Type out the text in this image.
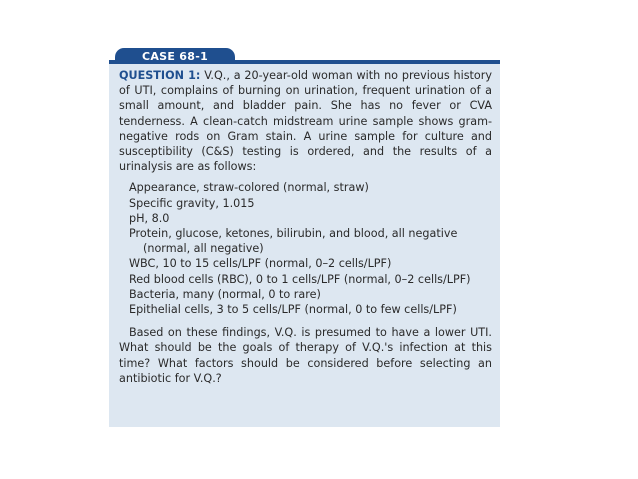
CASE 68-1

QUESTION 1: V.Q., a 20-year-old woman with no previous history of UTI, complains of burning on urination, frequent urination of a small amount, and bladder pain. She has no fever or CVA tenderness. A clean-catch midstream urine sample shows gram-negative rods on Gram stain. A urine sample for culture and susceptibility (C&S) testing is ordered, and the results of a urinalysis are as follows:

Appearance, straw-colored (normal, straw)
Specific gravity, 1.015
pH, 8.0
Protein, glucose, ketones, bilirubin, and blood, all negative (normal, all negative)
WBC, 10 to 15 cells/LPF (normal, 0–2 cells/LPF)
Red blood cells (RBC), 0 to 1 cells/LPF (normal, 0–2 cells/LPF)
Bacteria, many (normal, 0 to rare)
Epithelial cells, 3 to 5 cells/LPF (normal, 0 to few cells/LPF)

Based on these findings, V.Q. is presumed to have a lower UTI. What should be the goals of therapy of V.Q.'s infection at this time? What factors should be considered before selecting an antibiotic for V.Q.?
